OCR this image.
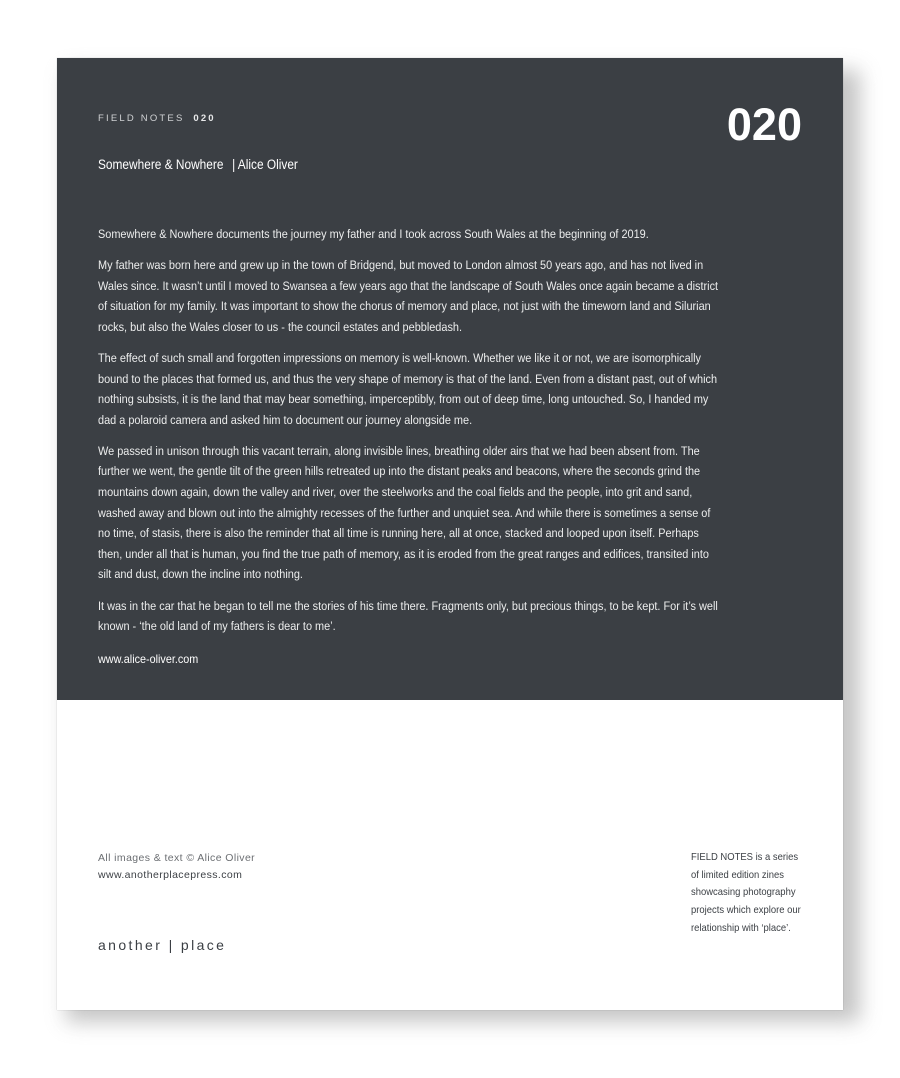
FIELD NOTES 020	020
Somewhere & Nowhere | Alice Oliver

Somewhere & Nowhere documents the journey my father and I took across South Wales at the beginning of 2019.

My father was born here and grew up in the town of Bridgend, but moved to London almost 50 years ago, and has not lived in Wales since. It wasn’t until I moved to Swansea a few years ago that the landscape of South Wales once again became a district of situation for my family. It was important to show the chorus of memory and place, not just with the timeworn land and Silurian rocks, but also the Wales closer to us - the council estates and pebbledash.

The effect of such small and forgotten impressions on memory is well-known. Whether we like it or not, we are isomorphically bound to the places that formed us, and thus the very shape of memory is that of the land. Even from a distant past, out of which nothing subsists, it is the land that may bear something, imperceptibly, from out of deep time, long untouched. So, I handed my dad a polaroid camera and asked him to document our journey alongside me.

We passed in unison through this vacant terrain, along invisible lines, breathing older airs that we had been absent from. The further we went, the gentle tilt of the green hills retreated up into the distant peaks and beacons, where the seconds grind the mountains down again, down the valley and river, over the steelworks and the coal fields and the people, into grit and sand, washed away and blown out into the almighty recesses of the further and unquiet sea. And while there is sometimes a sense of no time, of stasis, there is also the reminder that all time is running here, all at once, stacked and looped upon itself. Perhaps then, under all that is human, you find the true path of memory, as it is eroded from the great ranges and edifices, transited into silt and dust, down the incline into nothing.

It was in the car that he began to tell me the stories of his time there. Fragments only, but precious things, to be kept. For it’s well known - ‘the old land of my fathers is dear to me’.

www.alice-oliver.com
All images & text © Alice Oliver
www.anotherplacepress.com
another | place
FIELD NOTES is a series
of limited edition zines
showcasing photography
projects which explore our
relationship with ‘place’.
